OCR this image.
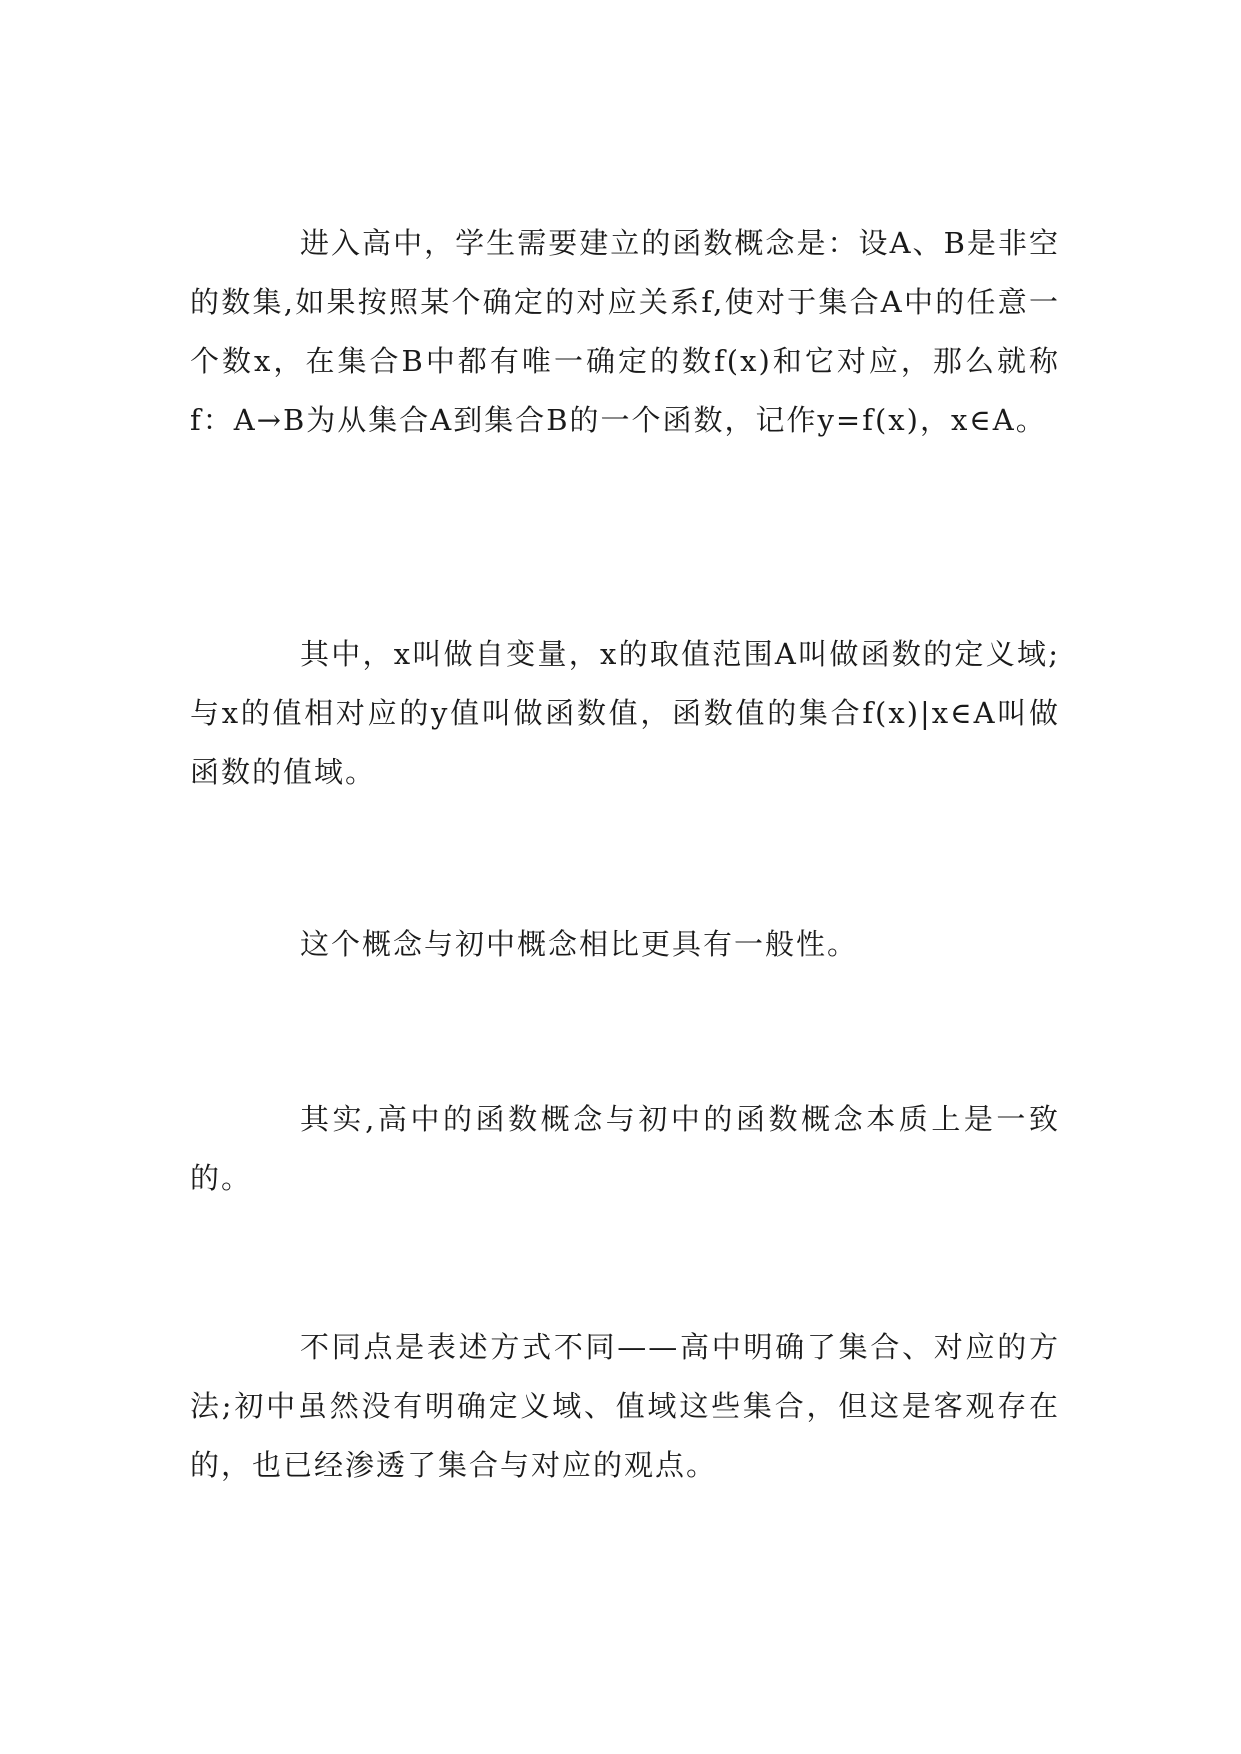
进入高中，学生需要建立的函数概念是：设A、B是非空的数集,如果按照某个确定的对应关系f,使对于集合A中的任意一个数x，在集合B中都有唯一确定的数f(x)和它对应，那么就称f：A→B为从集合A到集合B的一个函数，记作y=f(x)，x∈A。

其中，x叫做自变量，x的取值范围A叫做函数的定义域;与x的值相对应的y值叫做函数值，函数值的集合f(x)|x∈A叫做函数的值域。

这个概念与初中概念相比更具有一般性。

其实,高中的函数概念与初中的函数概念本质上是一致的。

不同点是表述方式不同——高中明确了集合、对应的方法;初中虽然没有明确定义域、值域这些集合，但这是客观存在的，也已经渗透了集合与对应的观点。
